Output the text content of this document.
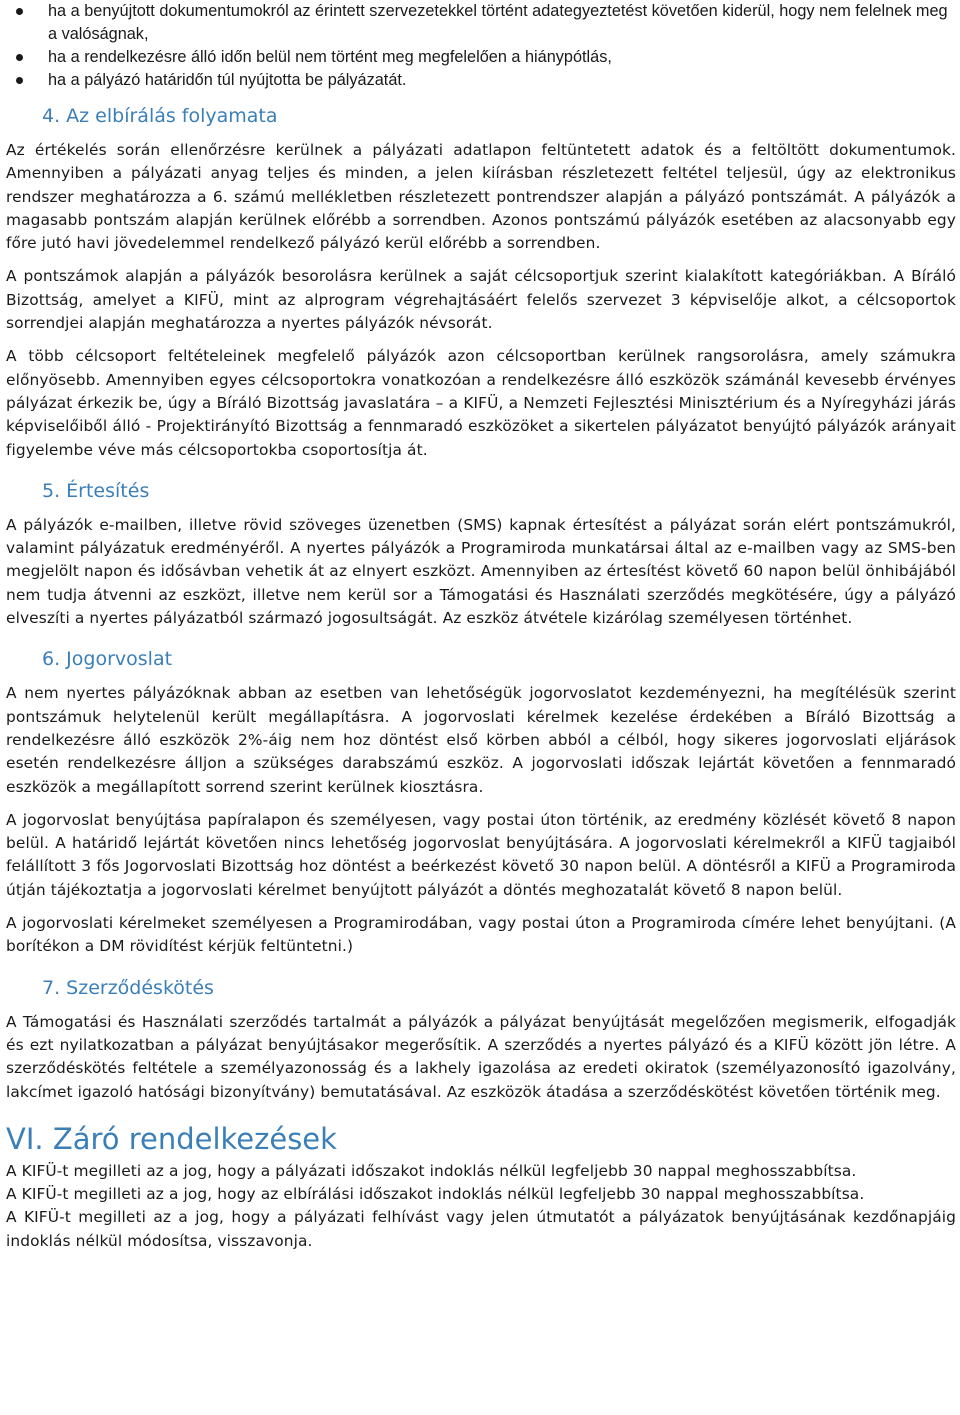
ha a benyújtott dokumentumokról az érintett szervezetekkel történt adategyeztetést követően kiderül, hogy nem felelnek meg a valóságnak,
ha a rendelkezésre álló időn belül nem történt meg megfelelően a hiánypótlás,
ha a pályázó határidőn túl nyújtotta be pályázatát.
4. Az elbírálás folyamata

Az értékelés során ellenőrzésre kerülnek a pályázati adatlapon feltüntetett adatok és a feltöltött dokumentumok. Amennyiben a pályázati anyag teljes és minden, a jelen kiírásban részletezett feltétel teljesül, úgy az elektronikus rendszer meghatározza a 6. számú mellékletben részletezett pontrendszer alapján a pályázó pontszámát. A pályázók a magasabb pontszám alapján kerülnek előrébb a sorrendben. Azonos pontszámú pályázók esetében az alacsonyabb egy főre jutó havi jövedelemmel rendelkező pályázó kerül előrébb a sorrendben.

A pontszámok alapján a pályázók besorolásra kerülnek a saját célcsoportjuk szerint kialakított kategóriákban. A Bíráló Bizottság, amelyet a KIFÜ, mint az alprogram végrehajtásáért felelős szervezet 3 képviselője alkot, a célcsoportok sorrendjei alapján meghatározza a nyertes pályázók névsorát.

A több célcsoport feltételeinek megfelelő pályázók azon célcsoportban kerülnek rangsorolásra, amely számukra előnyösebb. Amennyiben egyes célcsoportokra vonatkozóan a rendelkezésre álló eszközök számánál kevesebb érvényes pályázat érkezik be, úgy a Bíráló Bizottság javaslatára – a KIFÜ, a Nemzeti Fejlesztési Minisztérium és a Nyíregyházi járás képviselőiből álló - Projektirányító Bizottság a fennmaradó eszközöket a sikertelen pályázatot benyújtó pályázók arányait figyelembe véve más célcsoportokba csoportosítja át.

5. Értesítés

A pályázók e-mailben, illetve rövid szöveges üzenetben (SMS) kapnak értesítést a pályázat során elért pontszámukról, valamint pályázatuk eredményéről. A nyertes pályázók a Programiroda munkatársai által az e-mailben vagy az SMS-ben megjelölt napon és idősávban vehetik át az elnyert eszközt. Amennyiben az értesítést követő 60 napon belül önhibájából nem tudja átvenni az eszközt, illetve nem kerül sor a Támogatási és Használati szerződés megkötésére, úgy a pályázó elveszíti a nyertes pályázatból származó jogosultságát. Az eszköz átvétele kizárólag személyesen történhet.

6. Jogorvoslat

A nem nyertes pályázóknak abban az esetben van lehetőségük jogorvoslatot kezdeményezni, ha megítélésük szerint pontszámuk helytelenül került megállapításra. A jogorvoslati kérelmek kezelése érdekében a Bíráló Bizottság a rendelkezésre álló eszközök 2%-áig nem hoz döntést első körben abból a célból, hogy sikeres jogorvoslati eljárások esetén rendelkezésre álljon a szükséges darabszámú eszköz. A jogorvoslati időszak lejártát követően a fennmaradó eszközök a megállapított sorrend szerint kerülnek kiosztásra.

A jogorvoslat benyújtása papíralapon és személyesen, vagy postai úton történik, az eredmény közlését követő 8 napon belül. A határidő lejártát követően nincs lehetőség jogorvoslat benyújtására. A jogorvoslati kérelmekről a KIFÜ tagjaiból felállított 3 fős Jogorvoslati Bizottság hoz döntést a beérkezést követő 30 napon belül. A döntésről a KIFÜ a Programiroda útján tájékoztatja a jogorvoslati kérelmet benyújtott pályázót a döntés meghozatalát követő 8 napon belül.

A jogorvoslati kérelmeket személyesen a Programirodában, vagy postai úton a Programiroda címére lehet benyújtani. (A borítékon a DM rövidítést kérjük feltüntetni.)

7. Szerződéskötés

A Támogatási és Használati szerződés tartalmát a pályázók a pályázat benyújtását megelőzően megismerik, elfogadják és ezt nyilatkozatban a pályázat benyújtásakor megerősítik. A szerződés a nyertes pályázó és a KIFÜ között jön létre. A szerződéskötés feltétele a személyazonosság és a lakhely igazolása az eredeti okiratok (személyazonosító igazolvány, lakcímet igazoló hatósági bizonyítvány) bemutatásával. Az eszközök átadása a szerződéskötést követően történik meg.

VI. Záró rendelkezések

A KIFÜ-t megilleti az a jog, hogy a pályázati időszakot indoklás nélkül legfeljebb 30 nappal meghosszabbítsa.

A KIFÜ-t megilleti az a jog, hogy az elbírálási időszakot indoklás nélkül legfeljebb 30 nappal meghosszabbítsa.

A KIFÜ-t megilleti az a jog, hogy a pályázati felhívást vagy jelen útmutatót a pályázatok benyújtásának kezdőnapjáig indoklás nélkül módosítsa, visszavonja.
